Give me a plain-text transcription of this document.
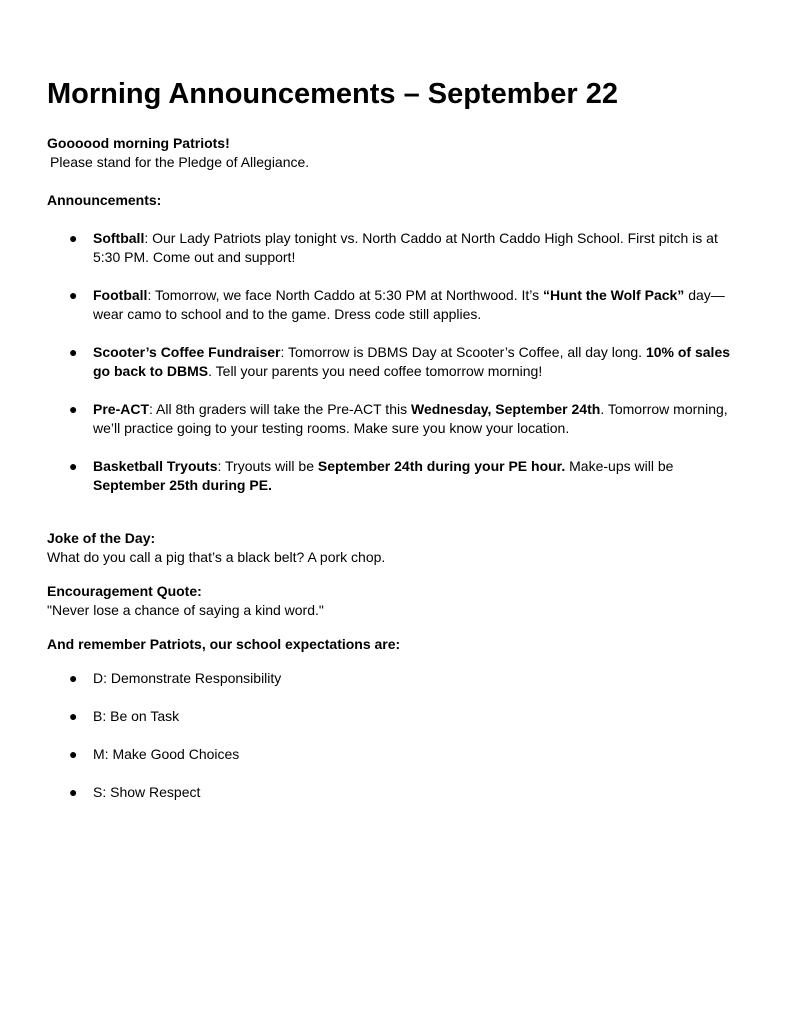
Morning Announcements – September 22

Goooood morning Patriots!

Please stand for the Pledge of Allegiance.

Announcements:

● Softball: Our Lady Patriots play tonight vs. North Caddo at North Caddo High School. First pitch is at 5:30 PM. Come out and support!
● Football: Tomorrow, we face North Caddo at 5:30 PM at Northwood. It’s “Hunt the Wolf Pack” day—wear camo to school and to the game. Dress code still applies.
● Scooter’s Coffee Fundraiser: Tomorrow is DBMS Day at Scooter’s Coffee, all day long. 10% of sales go back to DBMS. Tell your parents you need coffee tomorrow morning!
● Pre-ACT: All 8th graders will take the Pre-ACT this Wednesday, September 24th. Tomorrow morning, we’ll practice going to your testing rooms. Make sure you know your location.
● Basketball Tryouts: Tryouts will be September 24th during your PE hour. Make-ups will be September 25th during PE.

Joke of the Day:

What do you call a pig that’s a black belt? A pork chop.

Encouragement Quote:

"Never lose a chance of saying a kind word."

And remember Patriots, our school expectations are:

● D: Demonstrate Responsibility
● B: Be on Task
● M: Make Good Choices
● S: Show Respect
